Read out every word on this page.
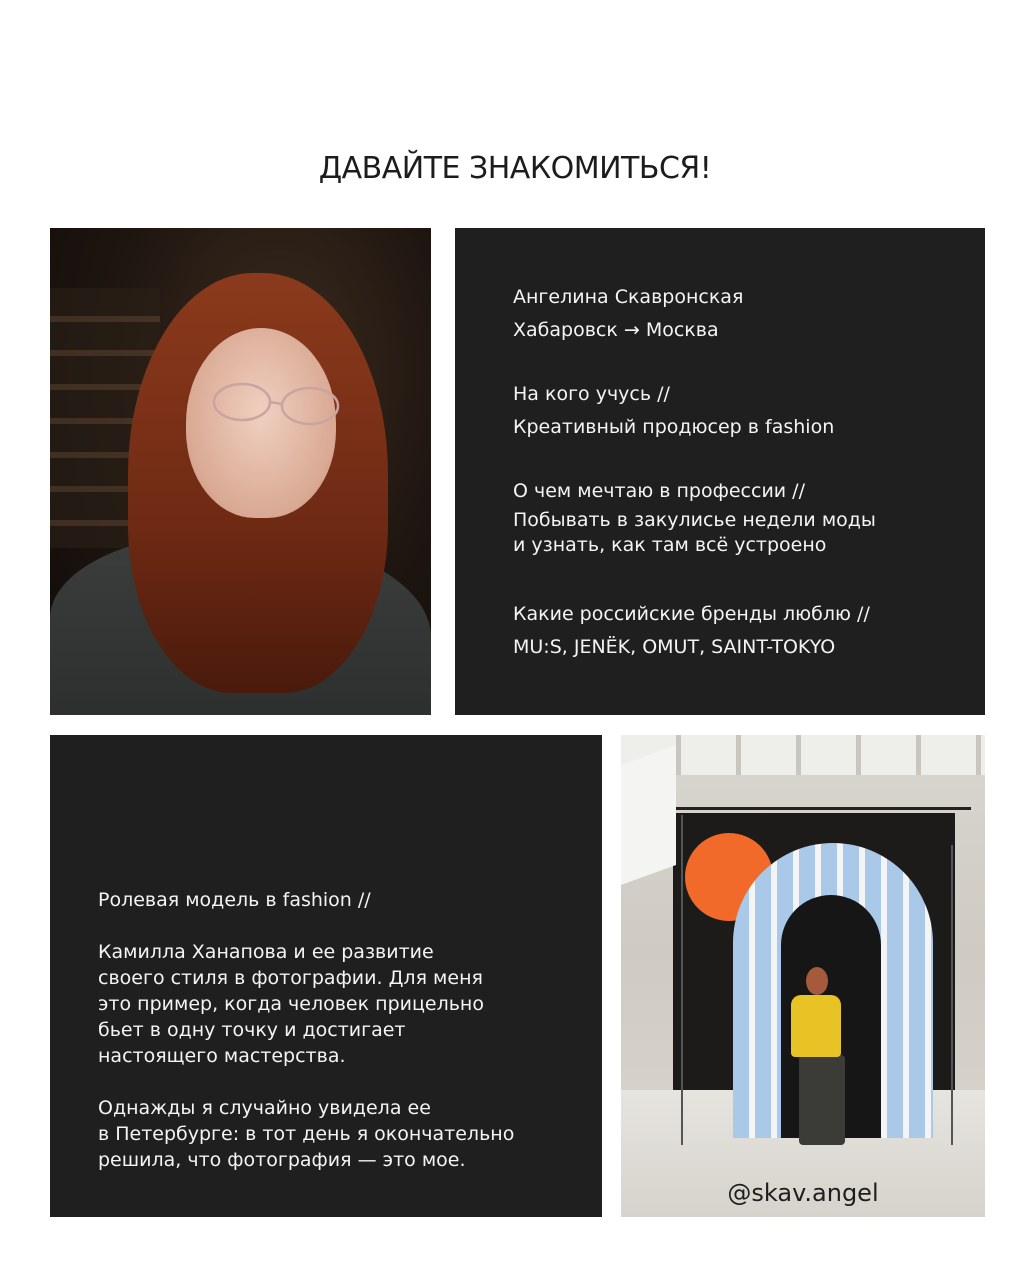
ДАВАЙТЕ ЗНАКОМИТЬСЯ!

Ангелина Скавронская

Хабаровск → Москва

На кого учусь //

Креативный продюсер в fashion

О чем мечтаю в профессии //

Побывать в закулисье недели моды

и узнать, как там всё устроено

Какие российские бренды люблю //

MU:S, JENЁK, OMUT, SAINT-TOKYO

Ролевая модель в fashion //

Камилла Ханапова и ее развитие

своего стиля в фотографии. Для меня

это пример, когда человек прицельно

бьет в одну точку и достигает

настоящего мастерства.

Однажды я случайно увидела ее

в Петербурге: в тот день я окончательно

решила, что фотография — это мое.

@skav.angel
